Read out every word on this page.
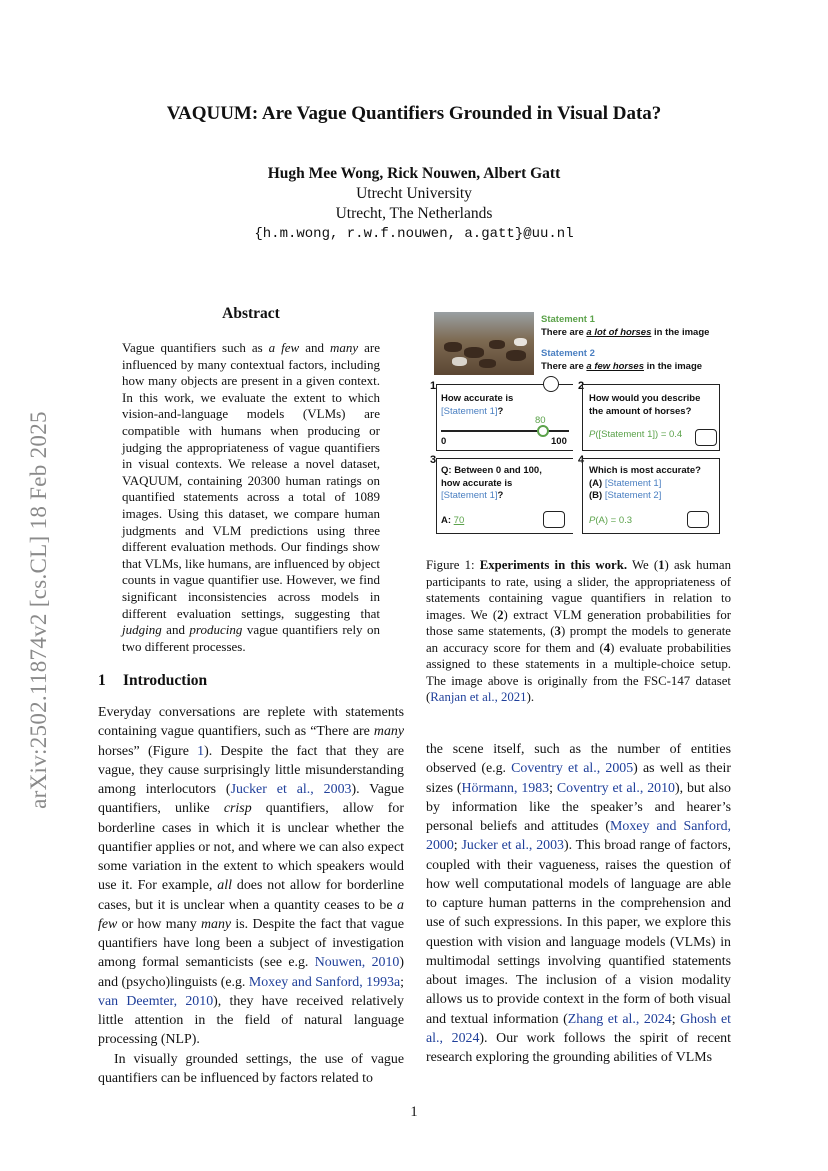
arXiv:2502.11874v2 [cs.CL] 18 Feb 2025
VAQUUM: Are Vague Quantifiers Grounded in Visual Data?
Hugh Mee Wong, Rick Nouwen, Albert Gatt
Utrecht University
Utrecht, The Netherlands
{h.m.wong, r.w.f.nouwen, a.gatt}@uu.nl
Abstract
Vague quantifiers such as a few and many are influenced by many contextual factors, including how many objects are present in a given context. In this work, we evaluate the extent to which vision-and-language models (VLMs) are compatible with humans when producing or judging the appropriateness of vague quantifiers in visual contexts. We release a novel dataset, VAQUUM, containing 20300 human ratings on quantified statements across a total of 1089 images. Using this dataset, we compare human judgments and VLM predictions using three different evaluation methods. Our findings show that VLMs, like humans, are influenced by object counts in vague quantifier use. However, we find significant inconsistencies across models in different evaluation settings, suggesting that judging and producing vague quantifiers rely on two different processes.
1 Introduction

Everyday conversations are replete with statements containing vague quantifiers, such as “There are many horses” (Figure 1). Despite the fact that they are vague, they cause surprisingly little misunderstanding among interlocutors (Jucker et al., 2003). Vague quantifiers, unlike crisp quantifiers, allow for borderline cases in which it is unclear whether the quantifier applies or not, and where we can also expect some variation in the extent to which speakers would use it. For example, all does not allow for borderline cases, but it is unclear when a quantity ceases to be a few or how many many is. Despite the fact that vague quantifiers have long been a subject of investigation among formal semanticists (see e.g. Nouwen, 2010) and (psycho)linguists (e.g. Moxey and Sanford, 1993a; van Deemter, 2010), they have received relatively little attention in the field of natural language processing (NLP).

In visually grounded settings, the use of vague quantifiers can be influenced by factors related to

the scene itself, such as the number of entities observed (e.g. Coventry et al., 2005) as well as their sizes (Hörmann, 1983; Coventry et al., 2010), but also by information like the speaker’s and hearer’s personal beliefs and attitudes (Moxey and Sanford, 2000; Jucker et al., 2003). This broad range of factors, coupled with their vagueness, raises the question of how well computational models of language are able to capture human patterns in the comprehension and use of such expressions. In this paper, we explore this question with vision and language models (VLMs) in multimodal settings involving quantified statements about images. The inclusion of a vision modality allows us to provide context in the form of both visual and textual information (Zhang et al., 2024; Ghosh et al., 2024). Our work follows the spirit of recent research exploring the grounding abilities of VLMs
Statement 1
There are a lot of horses in the image
Statement 2
There are a few horses in the image
1
How accurate is
[Statement 1]?
80
0	100
2
How would you describe
the amount of horses?
P([Statement 1]) = 0.4
3
Q: Between 0 and 100,
how accurate is
[Statement 1]?
A: 70
4
Which is most accurate?
(A) [Statement 1]
(B) [Statement 2]
P(A) = 0.3
Figure 1: Experiments in this work. We (1) ask human participants to rate, using a slider, the appropriateness of statements containing vague quantifiers in relation to images. We (2) extract VLM generation probabilities for those same statements, (3) prompt the models to generate an accuracy score for them and (4) evaluate probabilities assigned to these statements in a multiple-choice setup. The image above is originally from the FSC-147 dataset (Ranjan et al., 2021).
1
